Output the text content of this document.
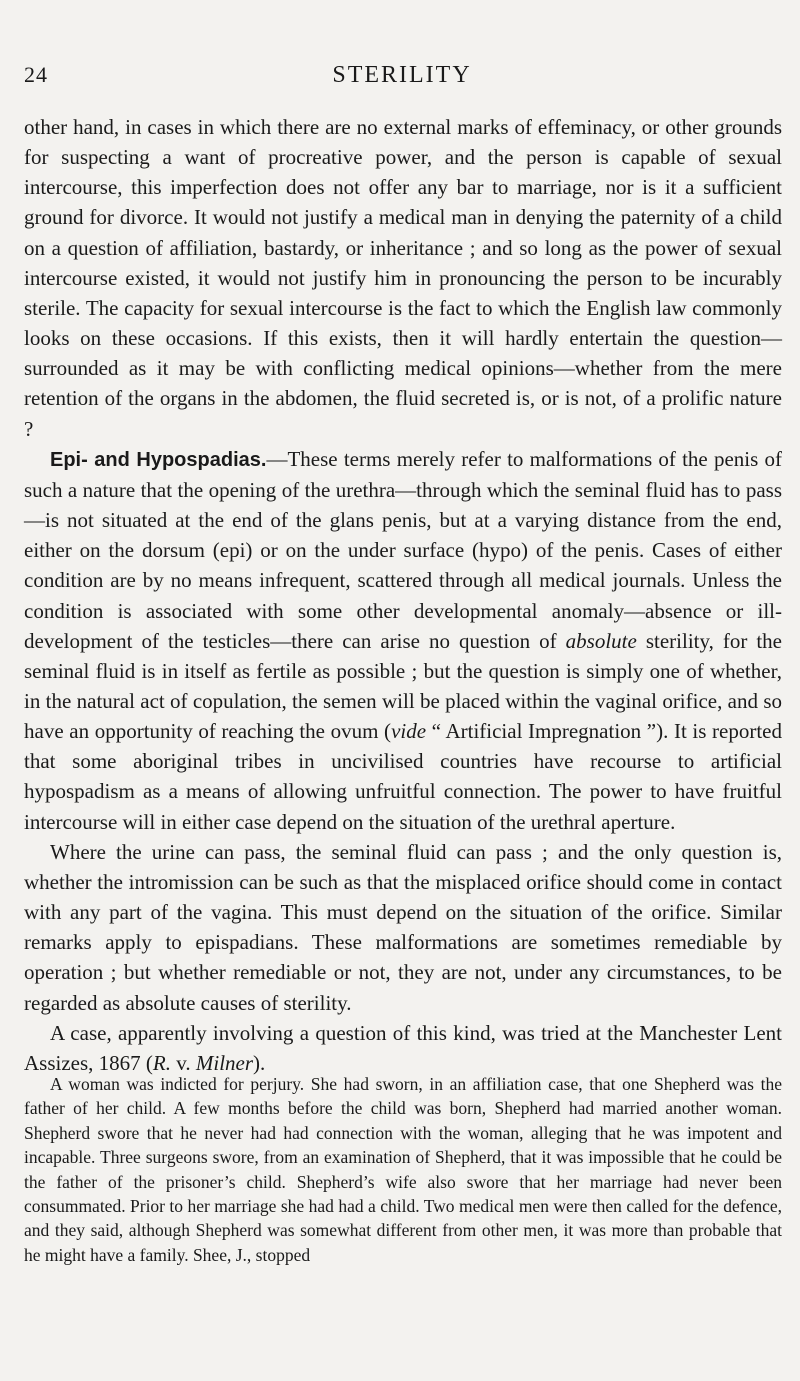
24	STERILITY

other hand, in cases in which there are no external marks of effeminacy, or other grounds for suspecting a want of procreative power, and the person is capable of sexual intercourse, this imperfection does not offer any bar to marriage, nor is it a sufficient ground for divorce. It would not justify a medical man in denying the paternity of a child on a question of affiliation, bastardy, or inheritance ; and so long as the power of sexual intercourse existed, it would not justify him in pronouncing the person to be incurably sterile. The capacity for sexual intercourse is the fact to which the English law commonly looks on these occasions. If this exists, then it will hardly entertain the question—surrounded as it may be with conflicting medical opinions—whether from the mere retention of the organs in the abdomen, the fluid secreted is, or is not, of a prolific nature ?

Epi- and Hypospadias.—These terms merely refer to malformations of the penis of such a nature that the opening of the urethra—through which the seminal fluid has to pass—is not situated at the end of the glans penis, but at a varying distance from the end, either on the dorsum (epi) or on the under surface (hypo) of the penis. Cases of either condition are by no means infrequent, scattered through all medical journals. Unless the condition is associated with some other developmental anomaly—absence or ill-development of the testicles—there can arise no question of absolute sterility, for the seminal fluid is in itself as fertile as possible ; but the question is simply one of whether, in the natural act of copulation, the semen will be placed within the vaginal orifice, and so have an opportunity of reaching the ovum (vide “ Artificial Impregnation ”). It is reported that some aboriginal tribes in uncivilised countries have recourse to artificial hypospadism as a means of allowing unfruitful connection. The power to have fruitful intercourse will in either case depend on the situation of the urethral aperture.

Where the urine can pass, the seminal fluid can pass ; and the only question is, whether the intromission can be such as that the misplaced orifice should come in contact with any part of the vagina. This must depend on the situation of the orifice. Similar remarks apply to epispadians. These malformations are sometimes remediable by operation ; but whether remediable or not, they are not, under any circumstances, to be regarded as absolute causes of sterility.

A case, apparently involving a question of this kind, was tried at the Manchester Lent Assizes, 1867 (R. v. Milner).

A woman was indicted for perjury. She had sworn, in an affiliation case, that one Shepherd was the father of her child. A few months before the child was born, Shepherd had married another woman. Shepherd swore that he never had had connection with the woman, alleging that he was impotent and incapable. Three surgeons swore, from an examination of Shepherd, that it was impossible that he could be the father of the prisoner’s child. Shepherd’s wife also swore that her marriage had never been consummated. Prior to her marriage she had had a child. Two medical men were then called for the defence, and they said, although Shepherd was somewhat different from other men, it was more than probable that he might have a family. Shee, J., stopped
